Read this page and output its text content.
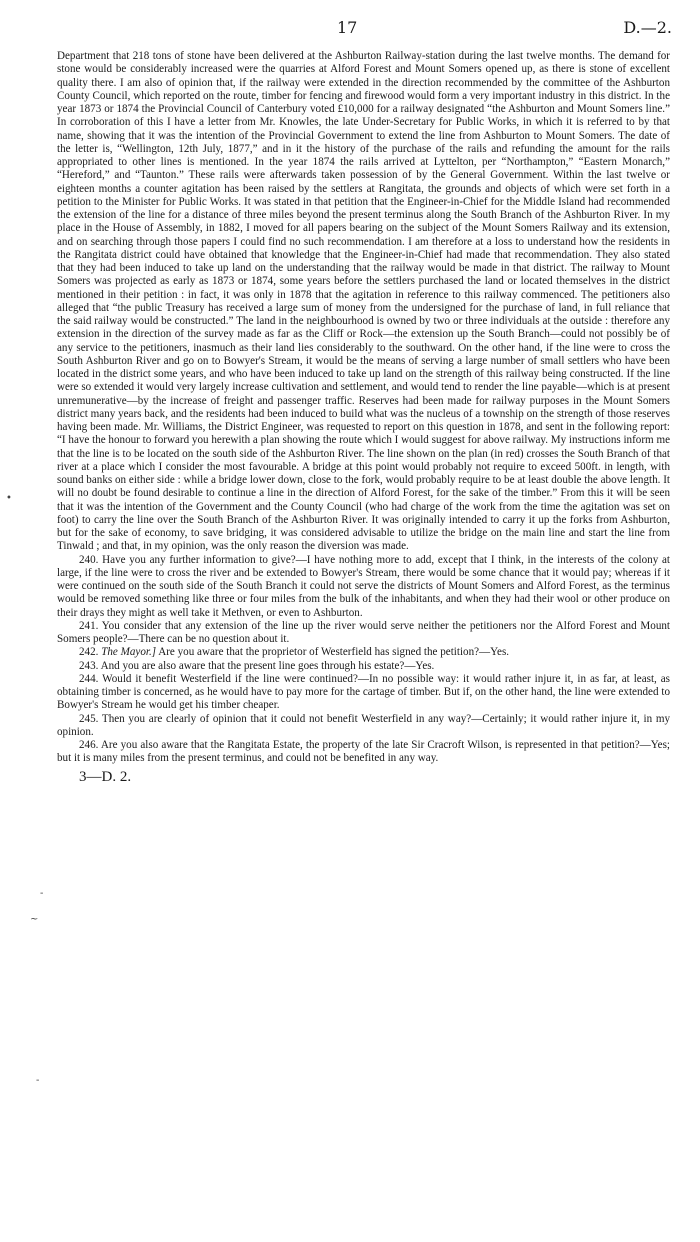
17	D.—2.

Department that 218 tons of stone have been delivered at the Ashburton Railway-station during the last twelve months. The demand for stone would be considerably increased were the quarries at Alford Forest and Mount Somers opened up, as there is stone of excellent quality there. I am also of opinion that, if the railway were extended in the direction recommended by the committee of the Ashburton County Council, which reported on the route, timber for fencing and firewood would form a very important industry in this district. In the year 1873 or 1874 the Provincial Council of Canterbury voted £10,000 for a railway designated “the Ashburton and Mount Somers line.” In corroboration of this I have a letter from Mr. Knowles, the late Under-Secretary for Public Works, in which it is referred to by that name, showing that it was the intention of the Provincial Government to extend the line from Ashburton to Mount Somers. The date of the letter is, “Wellington, 12th July, 1877,” and in it the history of the purchase of the rails and refunding the amount for the rails appropriated to other lines is mentioned. In the year 1874 the rails arrived at Lyttelton, per “Northampton,” “Eastern Monarch,” “Hereford,” and “Taunton.” These rails were afterwards taken possession of by the General Government. Within the last twelve or eighteen months a counter agitation has been raised by the settlers at Rangitata, the grounds and objects of which were set forth in a petition to the Minister for Public Works. It was stated in that petition that the Engineer-in-Chief for the Middle Island had recommended the extension of the line for a distance of three miles beyond the present terminus along the South Branch of the Ashburton River. In my place in the House of Assembly, in 1882, I moved for all papers bearing on the subject of the Mount Somers Railway and its extension, and on searching through those papers I could find no such recommendation. I am therefore at a loss to understand how the residents in the Rangitata district could have obtained that knowledge that the Engineer-in-Chief had made that recommendation. They also stated that they had been induced to take up land on the understanding that the railway would be made in that district. The railway to Mount Somers was projected as early as 1873 or 1874, some years before the settlers purchased the land or located themselves in the district mentioned in their petition : in fact, it was only in 1878 that the agitation in reference to this railway commenced. The petitioners also alleged that “the public Treasury has received a large sum of money from the undersigned for the purchase of land, in full reliance that the said railway would be constructed.” The land in the neighbourhood is owned by two or three individuals at the outside : therefore any extension in the direction of the survey made as far as the Cliff or Rock—the extension up the South Branch—could not possibly be of any service to the petitioners, inasmuch as their land lies considerably to the southward. On the other hand, if the line were to cross the South Ashburton River and go on to Bowyer's Stream, it would be the means of serving a large number of small settlers who have been located in the district some years, and who have been induced to take up land on the strength of this railway being constructed. If the line were so extended it would very largely increase cultivation and settlement, and would tend to render the line payable—which is at present unremunerative—by the increase of freight and passenger traffic. Reserves had been made for railway purposes in the Mount Somers district many years back, and the residents had been induced to build what was the nucleus of a township on the strength of those reserves having been made. Mr. Williams, the District Engineer, was requested to report on this question in 1878, and sent in the following report: “I have the honour to forward you herewith a plan showing the route which I would suggest for above railway. My instructions inform me that the line is to be located on the south side of the Ashburton River. The line shown on the plan (in red) crosses the South Branch of that river at a place which I consider the most favourable. A bridge at this point would probably not require to exceed 500ft. in length, with sound banks on either side : while a bridge lower down, close to the fork, would probably require to be at least double the above length. It will no doubt be found desirable to continue a line in the direction of Alford Forest, for the sake of the timber.” From this it will be seen that it was the intention of the Government and the County Council (who had charge of the work from the time the agitation was set on foot) to carry the line over the South Branch of the Ashburton River. It was originally intended to carry it up the forks from Ashburton, but for the sake of economy, to save bridging, it was considered advisable to utilize the bridge on the main line and start the line from Tinwald ; and that, in my opinion, was the only reason the diversion was made.

240. Have you any further information to give?—I have nothing more to add, except that I think, in the interests of the colony at large, if the line were to cross the river and be extended to Bowyer's Stream, there would be some chance that it would pay; whereas if it were continued on the south side of the South Branch it could not serve the districts of Mount Somers and Alford Forest, as the terminus would be removed something like three or four miles from the bulk of the inhabitants, and when they had their wool or other produce on their drays they might as well take it Methven, or even to Ashburton.

241. You consider that any extension of the line up the river would serve neither the petitioners nor the Alford Forest and Mount Somers people?—There can be no question about it.

242. The Mayor.] Are you aware that the proprietor of Westerfield has signed the petition?—Yes.

243. And you are also aware that the present line goes through his estate?—Yes.

244. Would it benefit Westerfield if the line were continued?—In no possible way: it would rather injure it, in as far, at least, as obtaining timber is concerned, as he would have to pay more for the cartage of timber. But if, on the other hand, the line were extended to Bowyer's Stream he would get his timber cheaper.

245. Then you are clearly of opinion that it could not benefit Westerfield in any way?—Certainly; it would rather injure it, in my opinion.

246. Are you also aware that the Rangitata Estate, the property of the late Sir Cracroft Wilson, is represented in that petition?—Yes; but it is many miles from the present terminus, and could not be benefited in any way.

3—D. 2.
•
-
~
-
